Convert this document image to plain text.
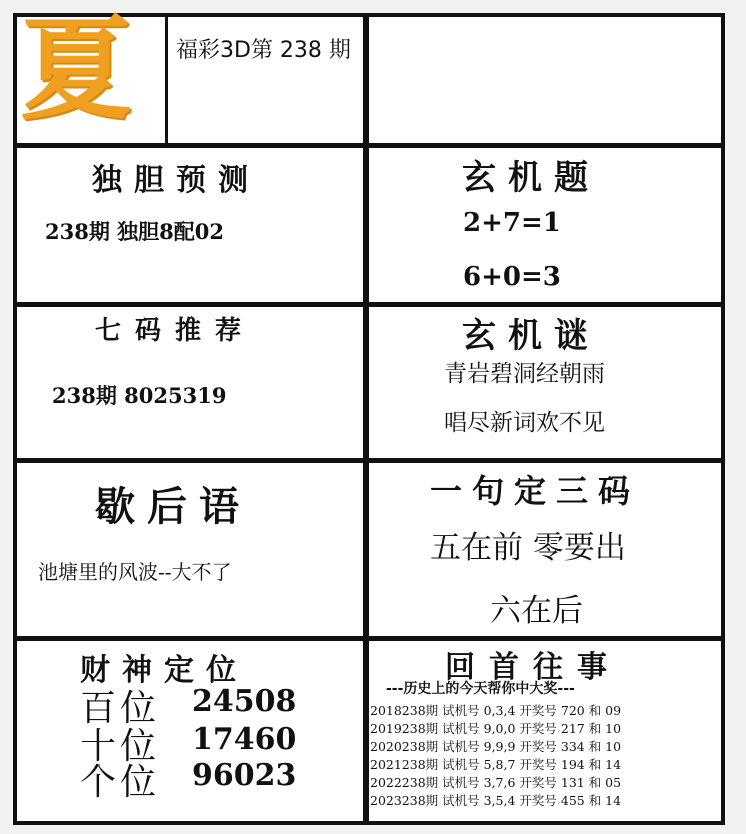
夏	福彩3D第 238 期
独胆预测
238期 独胆8配02
玄机题
2+7=1
6+0=3
七码推荐
238期 8025319
玄机谜
青岩碧洞经朝雨
唱尽新词欢不见
歇后语
池塘里的风波--大不了
一句定三码
五在前 零要出
六在后
财神定位
百位 24508
十位 17460
个位 96023
回首往事
---历史上的今天帮你中大奖---
2018238期 试机号 0,3,4 开奖号 720 和 09
2019238期 试机号 9,0,0 开奖号 217 和 10
2020238期 试机号 9,9,9 开奖号 334 和 10
2021238期 试机号 5,8,7 开奖号 194 和 14
2022238期 试机号 3,7,6 开奖号 131 和 05
2023238期 试机号 3,5,4 开奖号 455 和 14
